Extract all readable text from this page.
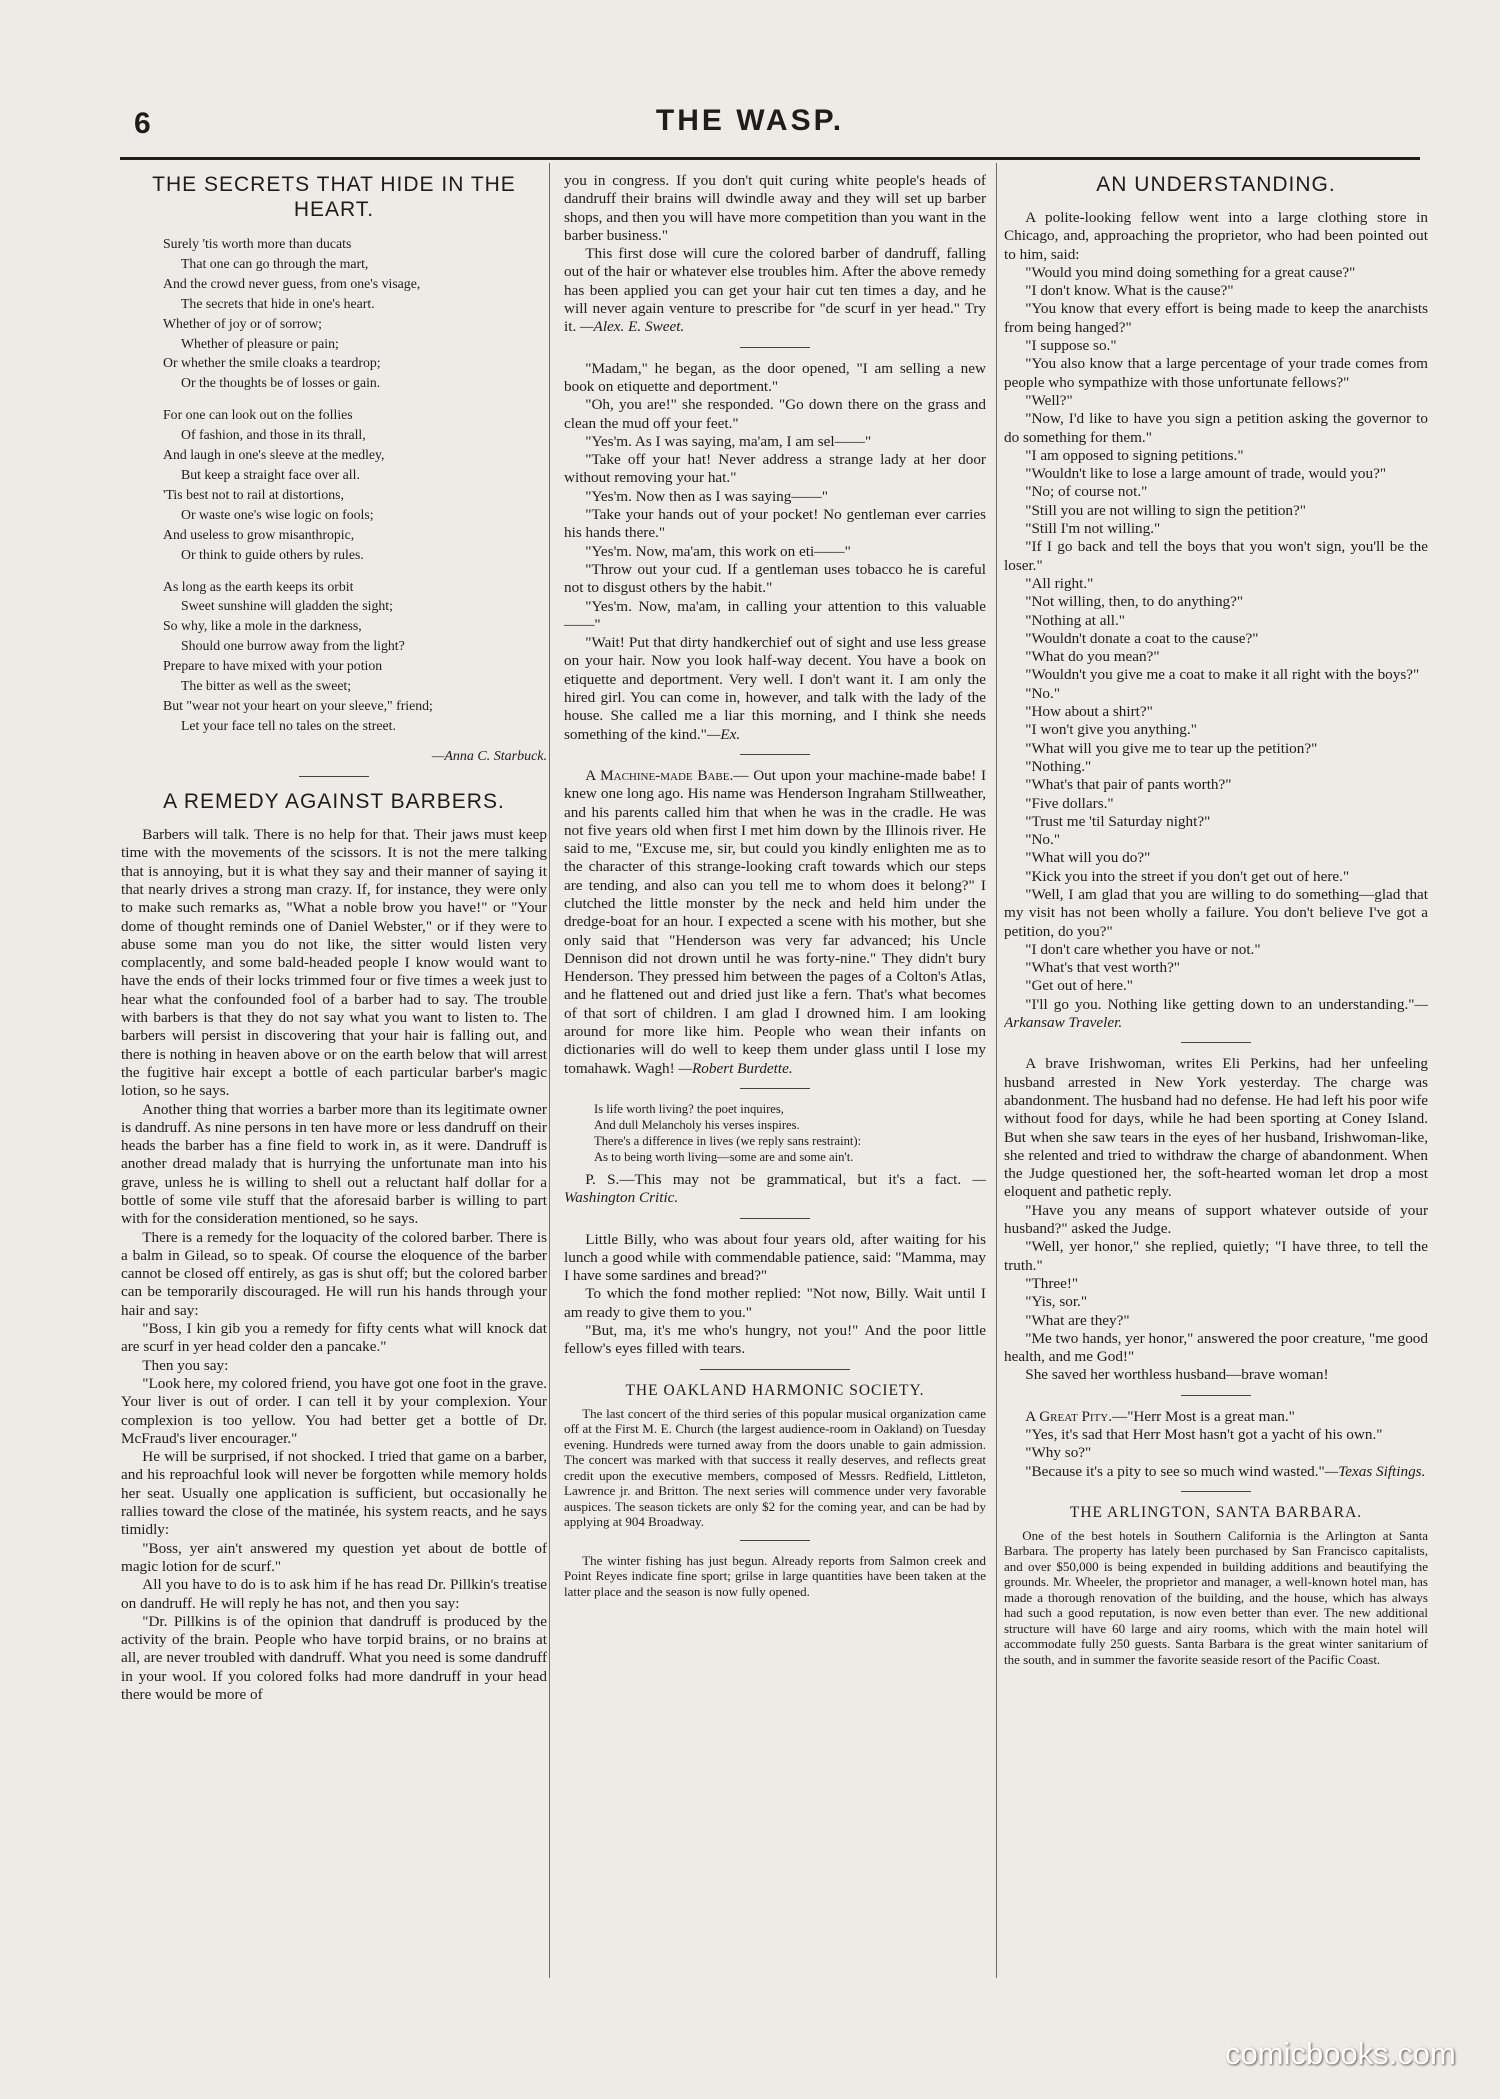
6	THE WASP.
THE SECRETS THAT HIDE IN THE HEART.
Surely 'tis worth more than ducats
That one can go through the mart,
And the crowd never guess, from one's visage,
The secrets that hide in one's heart.
Whether of joy or of sorrow;
Whether of pleasure or pain;
Or whether the smile cloaks a teardrop;
Or the thoughts be of losses or gain.
For one can look out on the follies
Of fashion, and those in its thrall,
And laugh in one's sleeve at the medley,
But keep a straight face over all.
'Tis best not to rail at distortions,
Or waste one's wise logic on fools;
And useless to grow misanthropic,
Or think to guide others by rules.
As long as the earth keeps its orbit
Sweet sunshine will gladden the sight;
So why, like a mole in the darkness,
Should one burrow away from the light?
Prepare to have mixed with your potion
The bitter as well as the sweet;
But "wear not your heart on your sleeve," friend;
Let your face tell no tales on the street.
—Anna C. Starbuck.
A REMEDY AGAINST BARBERS.

Barbers will talk. There is no help for that. Their jaws must keep time with the movements of the scissors. It is not the mere talking that is annoying, but it is what they say and their manner of saying it that nearly drives a strong man crazy. If, for instance, they were only to make such remarks as, "What a noble brow you have!" or "Your dome of thought reminds one of Daniel Webster," or if they were to abuse some man you do not like, the sitter would listen very complacently, and some bald-headed people I know would want to have the ends of their locks trimmed four or five times a week just to hear what the confounded fool of a barber had to say. The trouble with barbers is that they do not say what you want to listen to. The barbers will persist in discovering that your hair is falling out, and there is nothing in heaven above or on the earth below that will arrest the fugitive hair except a bottle of each particular barber's magic lotion, so he says.

Another thing that worries a barber more than its legitimate owner is dandruff. As nine persons in ten have more or less dandruff on their heads the barber has a fine field to work in, as it were. Dandruff is another dread malady that is hurrying the unfortunate man into his grave, unless he is willing to shell out a reluctant half dollar for a bottle of some vile stuff that the aforesaid barber is willing to part with for the consideration mentioned, so he says.

There is a remedy for the loquacity of the colored barber. There is a balm in Gilead, so to speak. Of course the eloquence of the barber cannot be closed off entirely, as gas is shut off; but the colored barber can be temporarily discouraged. He will run his hands through your hair and say:

"Boss, I kin gib you a remedy for fifty cents what will knock dat are scurf in yer head colder den a pancake."

Then you say:

"Look here, my colored friend, you have got one foot in the grave. Your liver is out of order. I can tell it by your complexion. Your complexion is too yellow. You had better get a bottle of Dr. McFraud's liver encourager."

He will be surprised, if not shocked. I tried that game on a barber, and his reproachful look will never be forgotten while memory holds her seat. Usually one application is sufficient, but occasionally he rallies toward the close of the matinée, his system reacts, and he says timidly:

"Boss, yer ain't answered my question yet about de bottle of magic lotion for de scurf."

All you have to do is to ask him if he has read Dr. Pillkin's treatise on dandruff. He will reply he has not, and then you say:

"Dr. Pillkins is of the opinion that dandruff is produced by the activity of the brain. People who have torpid brains, or no brains at all, are never troubled with dandruff. What you need is some dandruff in your wool. If you colored folks had more dandruff in your head there would be more of

you in congress. If you don't quit curing white people's heads of dandruff their brains will dwindle away and they will set up barber shops, and then you will have more competition than you want in the barber business."

This first dose will cure the colored barber of dandruff, falling out of the hair or whatever else troubles him. After the above remedy has been applied you can get your hair cut ten times a day, and he will never again venture to prescribe for "de scurf in yer head." Try it. —Alex. E. Sweet.

"Madam," he began, as the door opened, "I am selling a new book on etiquette and deportment."

"Oh, you are!" she responded. "Go down there on the grass and clean the mud off your feet."

"Yes'm. As I was saying, ma'am, I am sel——"

"Take off your hat! Never address a strange lady at her door without removing your hat."

"Yes'm. Now then as I was saying——"

"Take your hands out of your pocket! No gentleman ever carries his hands there."

"Yes'm. Now, ma'am, this work on eti——"

"Throw out your cud. If a gentleman uses tobacco he is careful not to disgust others by the habit."

"Yes'm. Now, ma'am, in calling your attention to this valuable——"

"Wait! Put that dirty handkerchief out of sight and use less grease on your hair. Now you look half-way decent. You have a book on etiquette and deportment. Very well. I don't want it. I am only the hired girl. You can come in, however, and talk with the lady of the house. She called me a liar this morning, and I think she needs something of the kind."—Ex.

A Machine-made Babe.— Out upon your machine-made babe! I knew one long ago. His name was Henderson Ingraham Stillweather, and his parents called him that when he was in the cradle. He was not five years old when first I met him down by the Illinois river. He said to me, "Excuse me, sir, but could you kindly enlighten me as to the character of this strange-looking craft towards which our steps are tending, and also can you tell me to whom does it belong?" I clutched the little monster by the neck and held him under the dredge-boat for an hour. I expected a scene with his mother, but she only said that "Henderson was very far advanced; his Uncle Dennison did not drown until he was forty-nine." They didn't bury Henderson. They pressed him between the pages of a Colton's Atlas, and he flattened out and dried just like a fern. That's what becomes of that sort of children. I am glad I drowned him. I am looking around for more like him. People who wean their infants on dictionaries will do well to keep them under glass until I lose my tomahawk. Wagh! —Robert Burdette.

Is life worth living? the poet inquires,
And dull Melancholy his verses inspires.
There's a difference in lives (we reply sans restraint):
As to being worth living—some are and some ain't.

P. S.—This may not be grammatical, but it's a fact. — Washington Critic.

Little Billy, who was about four years old, after waiting for his lunch a good while with commendable patience, said: "Mamma, may I have some sardines and bread?"

To which the fond mother replied: "Not now, Billy. Wait until I am ready to give them to you."

"But, ma, it's me who's hungry, not you!" And the poor little fellow's eyes filled with tears.

THE OAKLAND HARMONIC SOCIETY.

The last concert of the third series of this popular musical organization came off at the First M. E. Church (the largest audience-room in Oakland) on Tuesday evening. Hundreds were turned away from the doors unable to gain admission. The concert was marked with that success it really deserves, and reflects great credit upon the executive members, composed of Messrs. Redfield, Littleton, Lawrence jr. and Britton. The next series will commence under very favorable auspices. The season tickets are only $2 for the coming year, and can be had by applying at 904 Broadway.

The winter fishing has just begun. Already reports from Salmon creek and Point Reyes indicate fine sport; grilse in large quantities have been taken at the latter place and the season is now fully opened.

AN UNDERSTANDING.

A polite-looking fellow went into a large clothing store in Chicago, and, approaching the proprietor, who had been pointed out to him, said:

"Would you mind doing something for a great cause?"

"I don't know. What is the cause?"

"You know that every effort is being made to keep the anarchists from being hanged?"

"I suppose so."

"You also know that a large percentage of your trade comes from people who sympathize with those unfortunate fellows?"

"Well?"

"Now, I'd like to have you sign a petition asking the governor to do something for them."

"I am opposed to signing petitions."

"Wouldn't like to lose a large amount of trade, would you?"

"No; of course not."

"Still you are not willing to sign the petition?"

"Still I'm not willing."

"If I go back and tell the boys that you won't sign, you'll be the loser."

"All right."

"Not willing, then, to do anything?"

"Nothing at all."

"Wouldn't donate a coat to the cause?"

"What do you mean?"

"Wouldn't you give me a coat to make it all right with the boys?"

"No."

"How about a shirt?"

"I won't give you anything."

"What will you give me to tear up the petition?"

"Nothing."

"What's that pair of pants worth?"

"Five dollars."

"Trust me 'til Saturday night?"

"No."

"What will you do?"

"Kick you into the street if you don't get out of here."

"Well, I am glad that you are willing to do something—glad that my visit has not been wholly a failure. You don't believe I've got a petition, do you?"

"I don't care whether you have or not."

"What's that vest worth?"

"Get out of here."

"I'll go you. Nothing like getting down to an understanding."—Arkansaw Traveler.

A brave Irishwoman, writes Eli Perkins, had her unfeeling husband arrested in New York yesterday. The charge was abandonment. The husband had no defense. He had left his poor wife without food for days, while he had been sporting at Coney Island. But when she saw tears in the eyes of her husband, Irishwoman-like, she relented and tried to withdraw the charge of abandonment. When the Judge questioned her, the soft-hearted woman let drop a most eloquent and pathetic reply.

"Have you any means of support whatever outside of your husband?" asked the Judge.

"Well, yer honor," she replied, quietly; "I have three, to tell the truth."

"Three!"

"Yis, sor."

"What are they?"

"Me two hands, yer honor," answered the poor creature, "me good health, and me God!"

She saved her worthless husband—brave woman!

A Great Pity.—"Herr Most is a great man."

"Yes, it's sad that Herr Most hasn't got a yacht of his own."

"Why so?"

"Because it's a pity to see so much wind wasted."—Texas Siftings.

THE ARLINGTON, SANTA BARBARA.

One of the best hotels in Southern California is the Arlington at Santa Barbara. The property has lately been purchased by San Francisco capitalists, and over $50,000 is being expended in building additions and beautifying the grounds. Mr. Wheeler, the proprietor and manager, a well-known hotel man, has made a thorough renovation of the building, and the house, which has always had such a good reputation, is now even better than ever. The new additional structure will have 60 large and airy rooms, which with the main hotel will accommodate fully 250 guests. Santa Barbara is the great winter sanitarium of the south, and in summer the favorite seaside resort of the Pacific Coast.

comicbooks.com
